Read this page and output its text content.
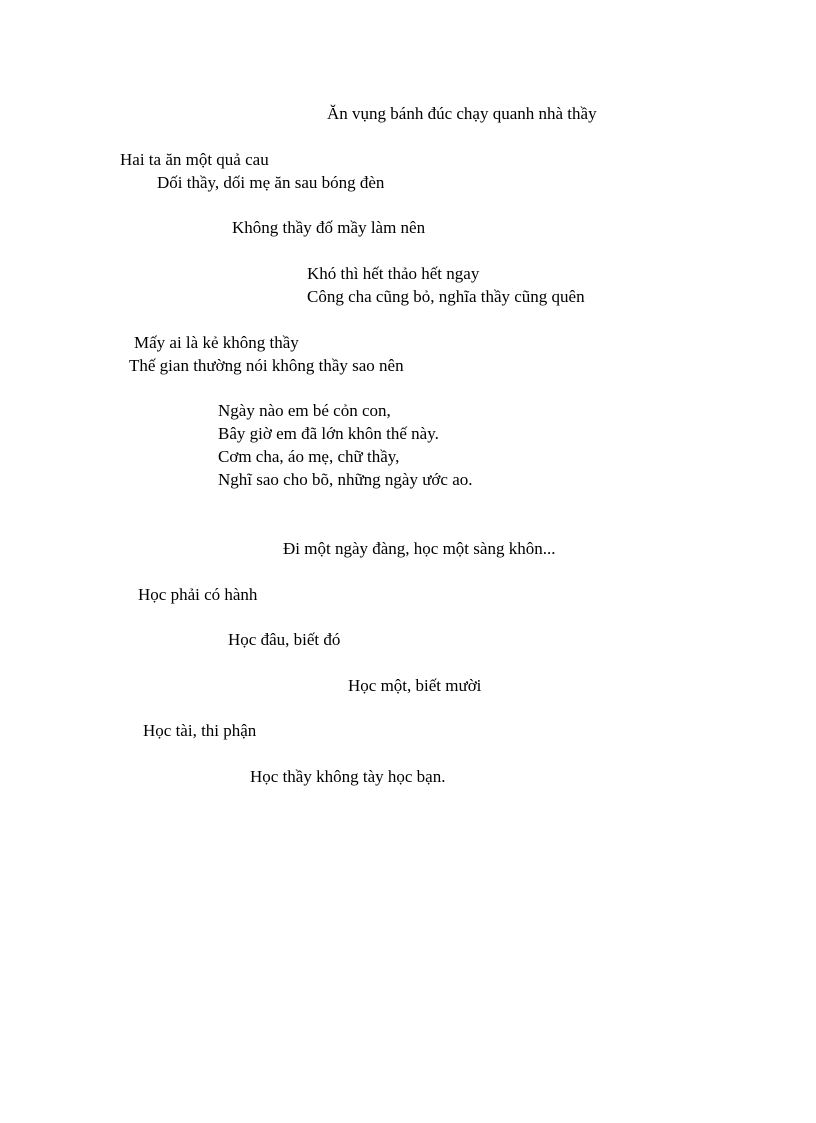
Ăn vụng bánh đúc chạy quanh nhà thầy
Hai ta ăn một quả cau
Dối thầy, dối mẹ ăn sau bóng đèn
Không thầy đố mầy làm nên
Khó thì hết thảo hết ngay
Công cha cũng bỏ, nghĩa thầy cũng quên
Mấy ai là kẻ không thầy
Thế gian thường nói không thầy sao nên
Ngày nào em bé cỏn con,
Bây giờ em đã lớn khôn thế này.
Cơm cha, áo mẹ, chữ thầy,
Nghĩ sao cho bõ, những ngày ước ao.
Đi một ngày đàng, học một sàng khôn...
Học phải có hành
Học đâu, biết đó
Học một, biết mười
Học tài, thi phận
Học thầy không tày học bạn.
